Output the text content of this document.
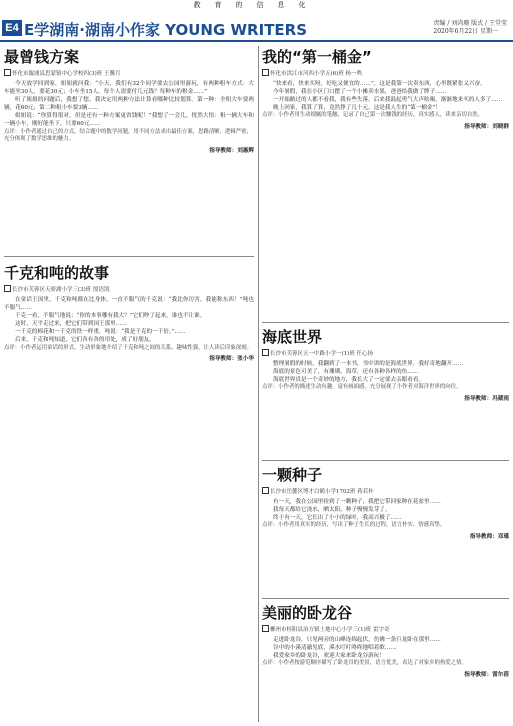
教育的信息化
E4 E学湖南·湖南小作家 YOUNG WRITERS	责编 / 刘尚珊 版式 / 王堂莹
2020年6月22日 星期一
最曾钱方案
怀化市溆浦县思蒙镇中心学校四(3)班 王馨月

今天放学回到家，姐姐就问我：“小天，我们有32个同学要去公园里游玩，有两种租车方式：大车能坐30人，要花30元；小车坐15人，每个人需要付几元钱？每种车的租金……”

听了姐姐的问题后，我想了想。我决定用两种方法计算看哪种比较划算。第一种：全租大车要两辆，花60元；第二种租小车要3辆……

姐姐说：“你算得很对，但是还有一种方案更省钱呢！”我想了一会儿，恍然大悟：租一辆大车和一辆小车，刚好能坐下，只要60元……

点评：小作者通过自己的方式，结合题中的数学问题，用不同方法求出最佳方案，思路清晰，逻辑严密，充分体现了数学思维的魅力。
指导教师：刘惠辉
千克和吨的故事
长沙市芙蓉区天骄湖小学三(3)班 殷语凯

在童话王国里，千克和吨都在比身体。一直不服气的千克说：“我比你厉害，我能称东西！”吨也不服气……

千克一看，不服气地说：“你的本事哪有我大？”它们吵了起来，谁也不让谁。

这时，天平走过来，把它们带到国王那里……

一千克的棉花和一千克的铁一样重，吨说：“我是千克的一千倍。”……

后来，千克和吨知道，它们各有各的用处，成了好朋友。

点评：小作者运用童话的形式，生动形象地介绍了千克和吨之间的关系，趣味性强，让人读后印象深刻。
指导教师：张小华
我的“第一桶金”
怀化市洪江市河西小学五(6)班 杨一鸣

“快来看，快来买呀，好吃又便宜的……”，这是我第一次卖东西，心里既紧张又兴奋。

今年暑假，我在小区门口摆了一个小摊卖水果，爸爸给我做了牌子……

一开始路过的人都不看我，我有些失落。后来我鼓起勇气大声吆喝，渐渐地来买的人多了……

晚上回家，我算了算，竟然挣了几十元，这是我人生的“第一桶金”！

点评：小作者用生动细腻的笔触，记录了自己第一次赚钱的经历，真实感人，读来亲切自然。
指导教师：刘晓群
海底世界
长沙市芙蓉区五一中路小学一(1)班 任心扬

整理暑假的时候，我翻到了一本书，书中讲的是海底世界，我好奇地翻开……

海底的景色可美了，有珊瑚、海草，还有各种各样的鱼……

海底世界真是一个奇妙的地方，我长大了一定要去亲眼看看。

点评：小作者的描述生动有趣，富有画面感，充分展现了小作者对海洋世界的向往。
指导教师：冯葳雨
一颗种子
长沙市岳麓区博才白鹤小学1702班 蒋若朴

有一天，我在公园里捡到了一颗种子，我把它带回家种在花盆里……

我每天都给它浇水，晒太阳，种子慢慢发芽了。

终于有一天，它长出了小小的绿叶，我高兴极了……

点评：小作者用真实的经历，写出了种子生长的过程，语言朴实，情感真挚。
指导教师：邓瑾
美丽的卧龙谷
郴州市桂阳县治方镇土地中心小学三(1)班 雷宇奇

走进卧龙谷，只见两旁的山峰连绵起伏，仿佛一条巨龙卧在那里……

谷中的小溪清澈见底，溪水叮叮咚咚地唱着歌……

我爱家乡的卧龙谷，欢迎大家来卧龙谷游玩！

点评：小作者按游览顺序描写了卧龙谷的美景，语言优美，表达了对家乡的热爱之情。
指导教师：雷尔蓓
